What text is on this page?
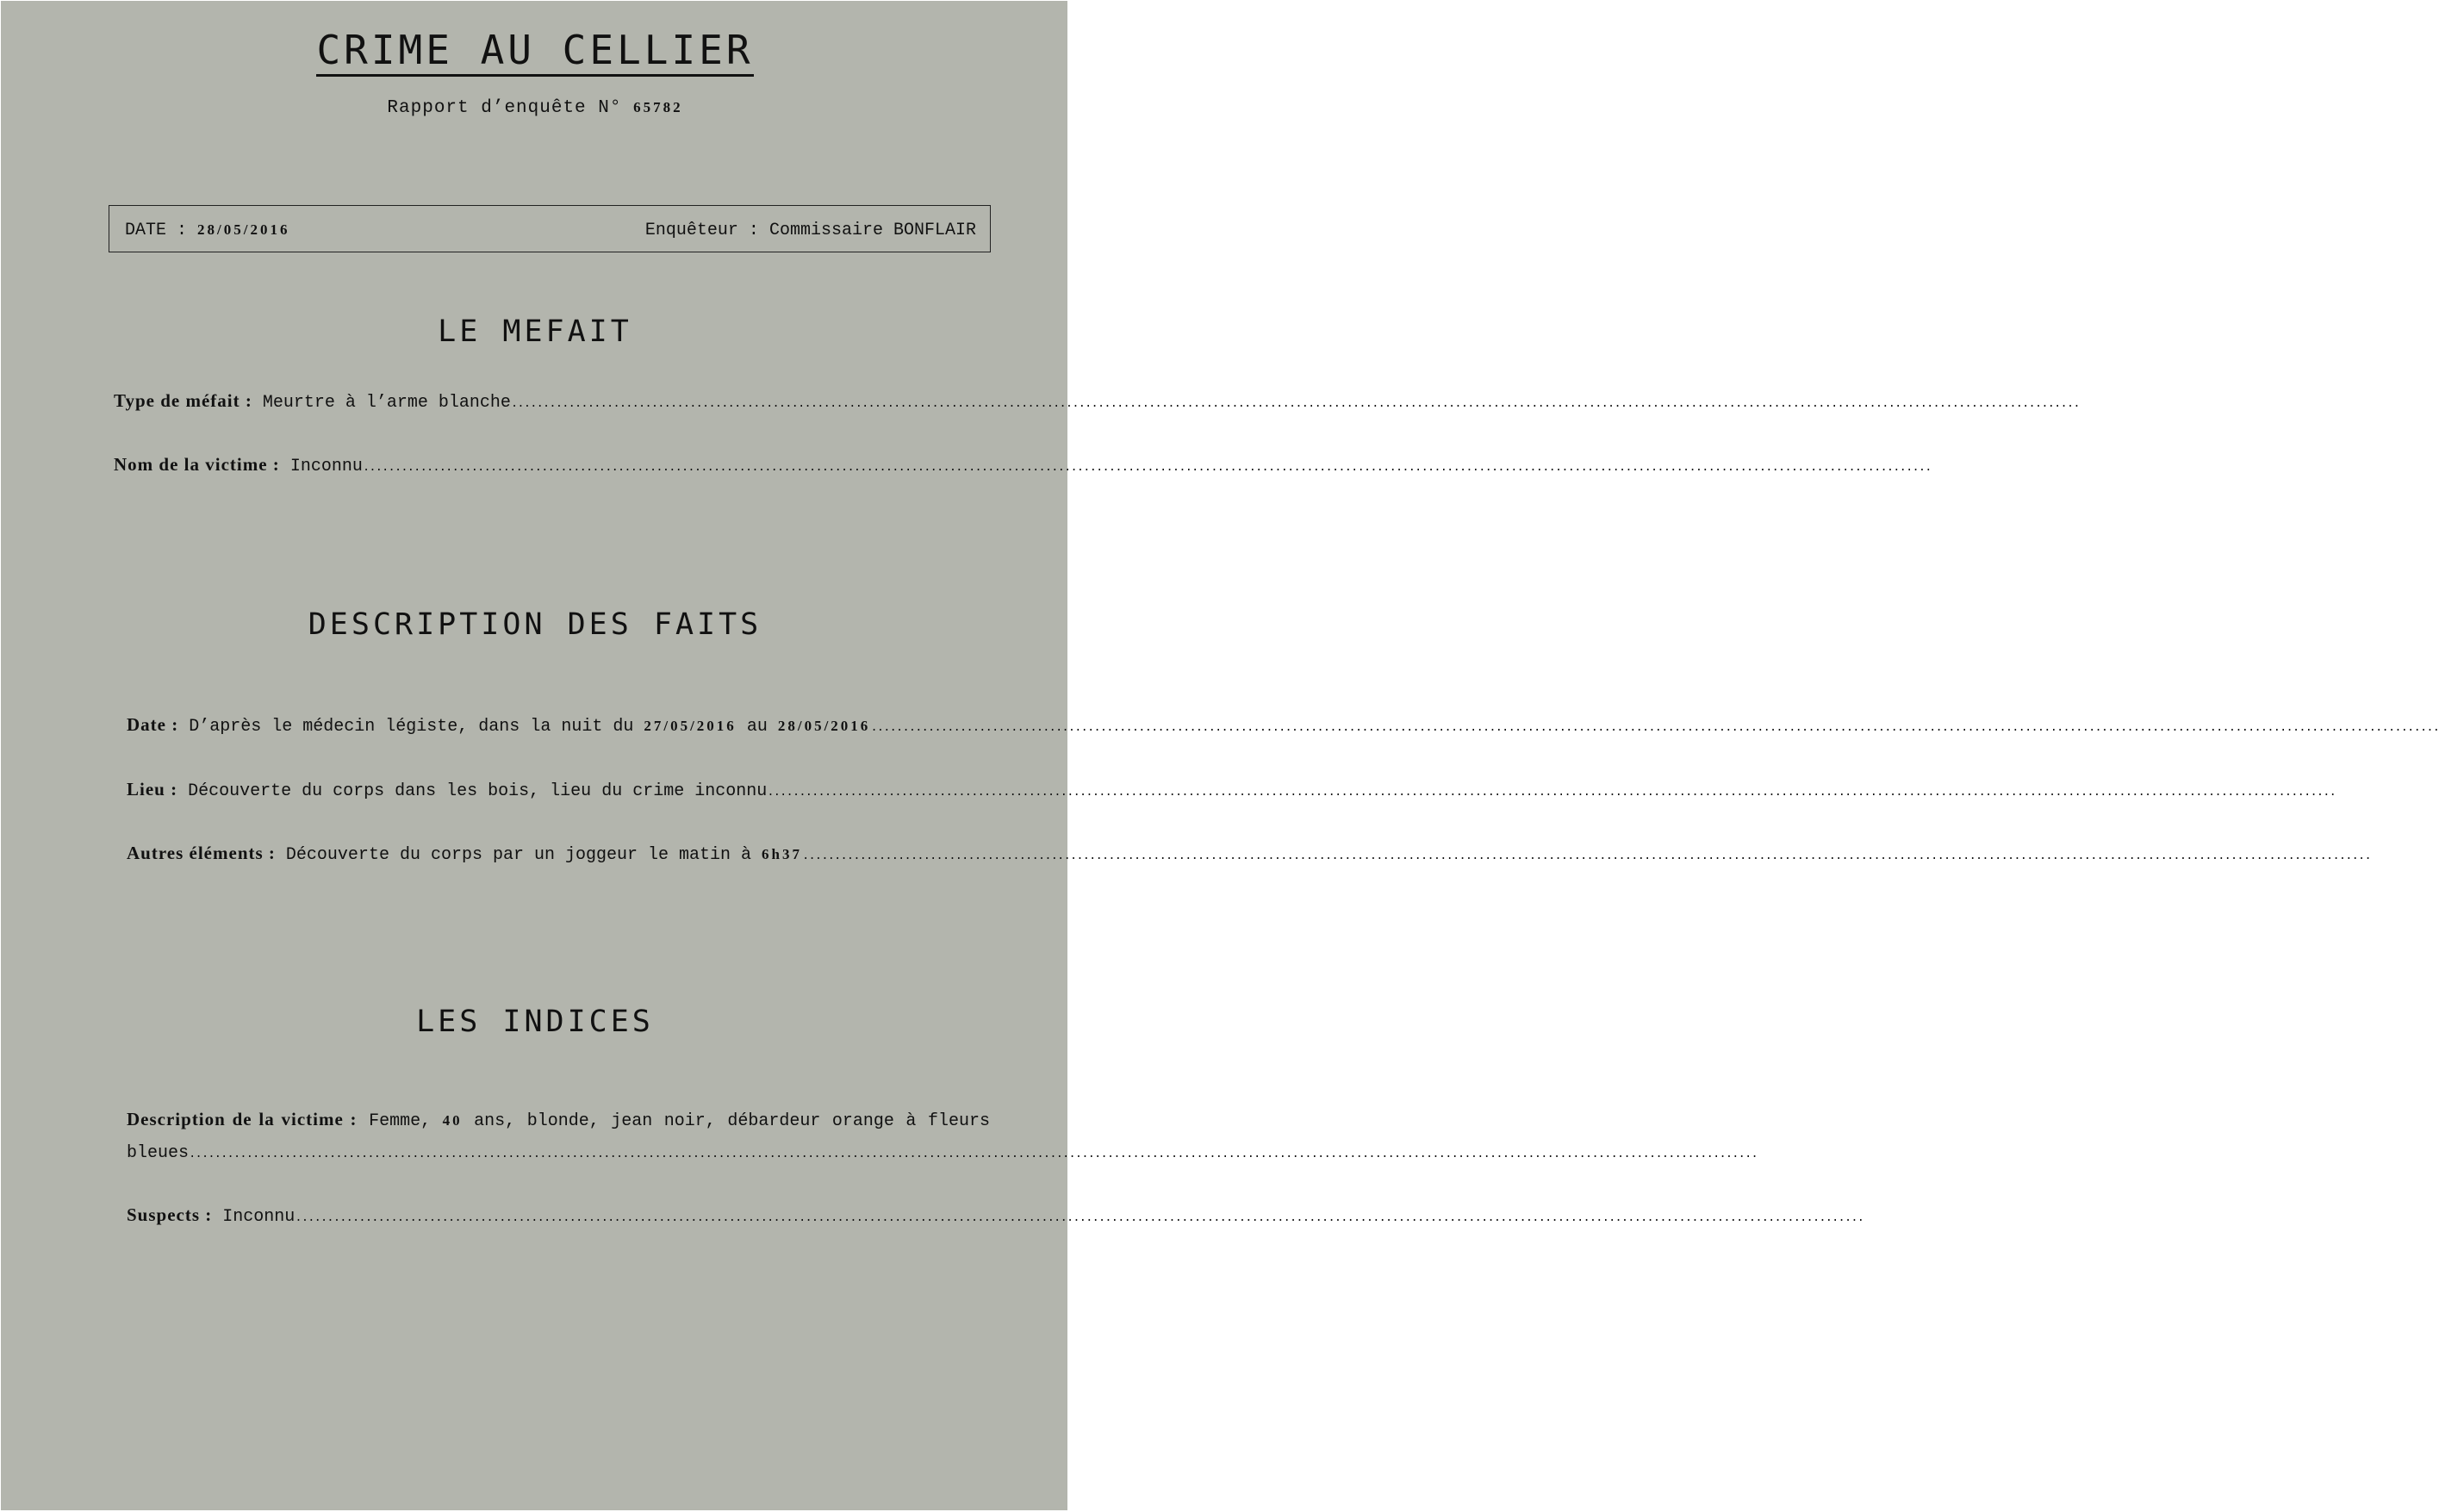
CRIME AU CELLIER
Rapport d’enquête N° 65782
DATE : 28/05/2016	Enquêteur : Commissaire BONFLAIR
LE MEFAIT
Type de méfait : Meurtre à l’arme blanche......................................................................................................................................................................................................................................................
Nom de la victime : Inconnu......................................................................................................................................................................................................................................................
DESCRIPTION DES FAITS
Date : D’après le médecin légiste, dans la nuit du 27/05/2016 au 28/05/2016......................................................................................................................................................................................................................................................
Lieu : Découverte du corps dans les bois, lieu du crime inconnu......................................................................................................................................................................................................................................................
Autres éléments : Découverte du corps par un joggeur le matin à 6h37......................................................................................................................................................................................................................................................
LES INDICES
Description de la victime : Femme, 40 ans, blonde, jean noir, débardeur orange à fleurs bleues......................................................................................................................................................................................................................................................
Suspects : Inconnu......................................................................................................................................................................................................................................................
